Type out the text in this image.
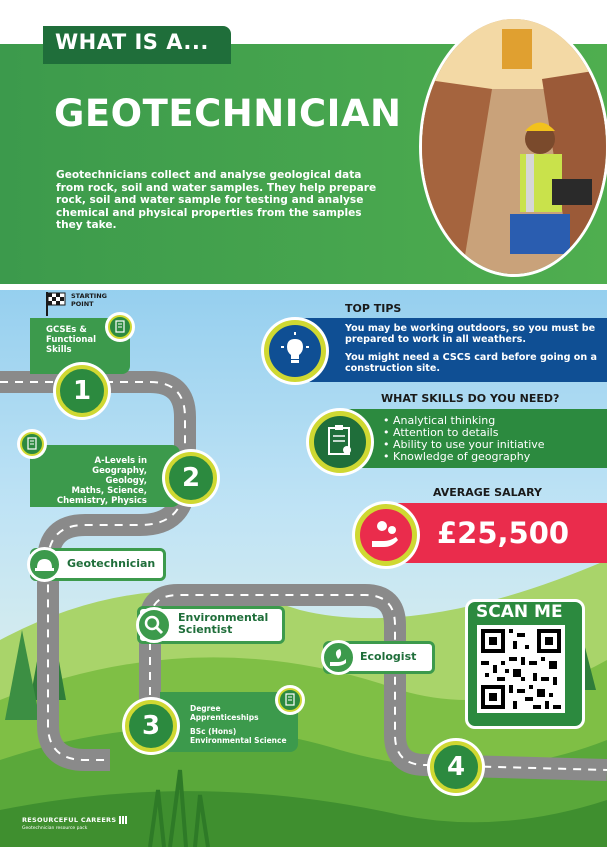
WHAT IS A...
GEOTECHNICIAN
Geotechnicians collect and analyse geological data from rock, soil and water samples. They help prepare rock, soil and water sample for testing and analyse chemical and physical properties from the samples they take.
STARTING
POINT
GCSEs &
Functional
Skills
1
A-Levels in
Geography, Geology,
Maths, Science,
Chemistry, Physics
2
Geotechnician
Environmental
Scientist
Ecologist
Degree
Apprenticeships
BSc (Hons)
Environmental Science
3
4
TOP TIPS
You may be working outdoors, so you must be
prepared to work in all weathers.
You might need a CSCS card before going on a
construction site.
WHAT SKILLS DO YOU NEED?
• Analytical thinking
• Attention to details
• Ability to use your initiative
• Knowledge of geography
AVERAGE SALARY
£25,500
SCAN ME
RESOURCEFUL CAREERS
Geotechnician resource pack
